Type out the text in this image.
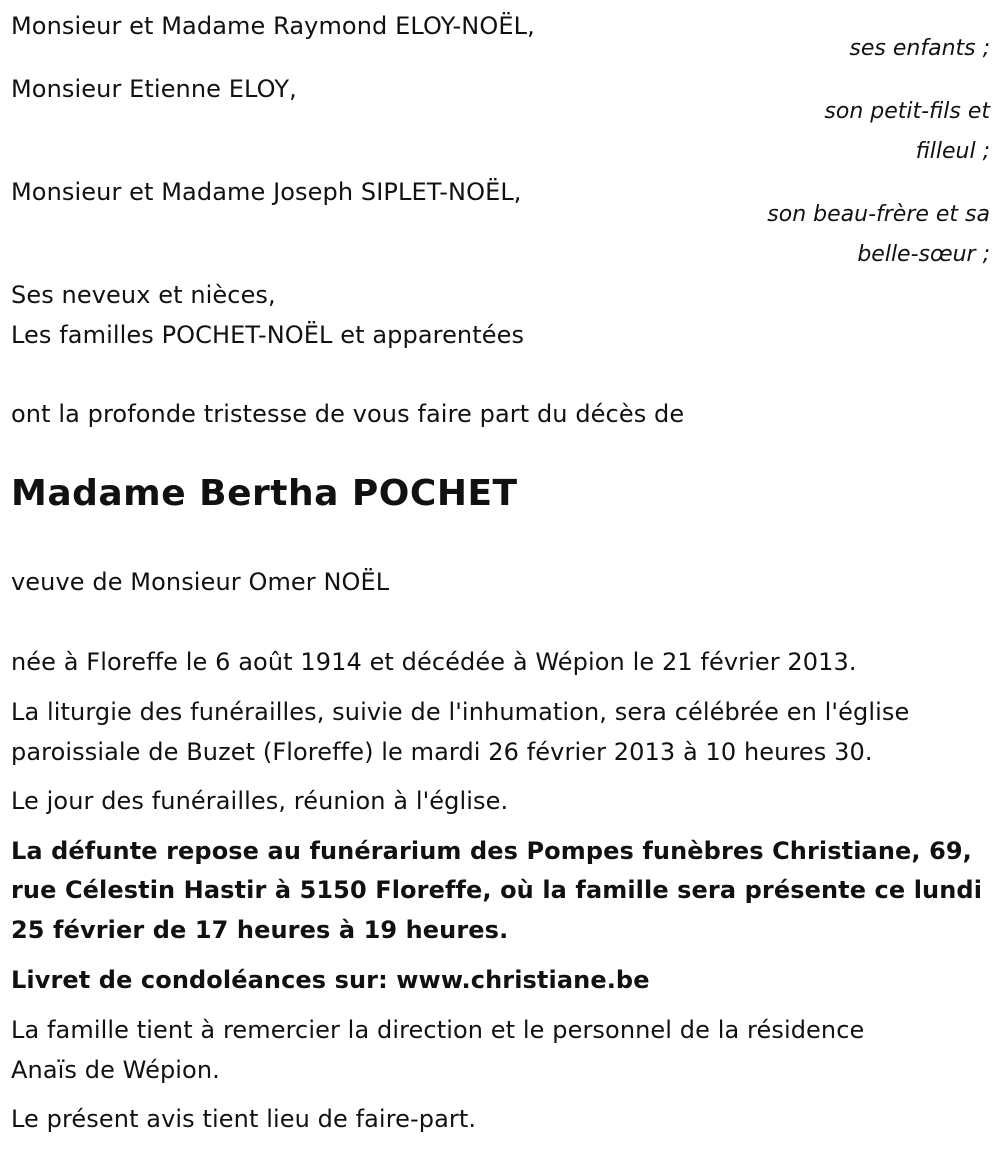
Monsieur et Madame Raymond ELOY-NOËL,
ses enfants ;
Monsieur Etienne ELOY,
son petit-fils et
filleul ;
Monsieur et Madame Joseph SIPLET-NOËL,
son beau-frère et sa
belle-sœur ;
Ses neveux et nièces,
Les familles POCHET-NOËL et apparentées
ont la profonde tristesse de vous faire part du décès de
Madame Bertha POCHET
veuve de Monsieur Omer NOËL
née à Floreffe le 6 août 1914 et décédée à Wépion le 21 février 2013.
La liturgie des funérailles, suivie de l'inhumation, sera célébrée en l'église
paroissiale de Buzet (Floreffe) le mardi 26 février 2013 à 10 heures 30.
Le jour des funérailles, réunion à l'église.
La défunte repose au funérarium des Pompes funèbres Christiane, 69,
rue Célestin Hastir à 5150 Floreffe, où la famille sera présente ce lundi
25 février de 17 heures à 19 heures.
Livret de condoléances sur: www.christiane.be
La famille tient à remercier la direction et le personnel de la résidence
Anaïs de Wépion.
Le présent avis tient lieu de faire-part.
